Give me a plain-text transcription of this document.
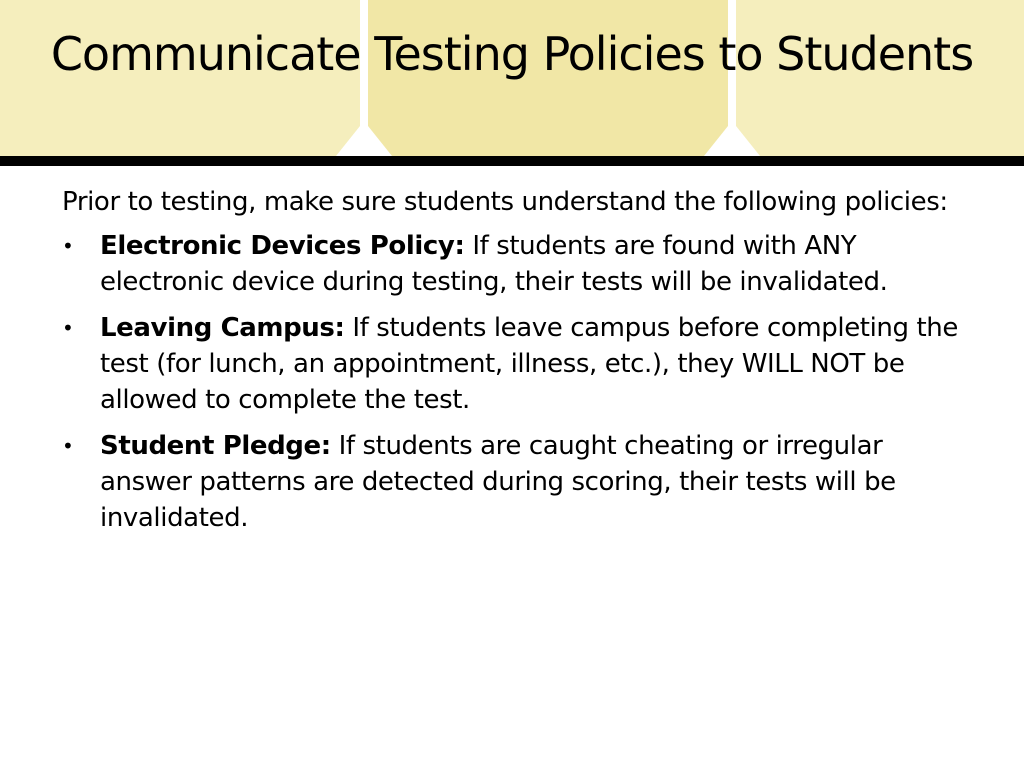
Communicate Testing Policies to Students

Prior to testing, make sure students understand the following policies:

• Electronic Devices Policy: If students are found with ANY electronic device during testing, their tests will be invalidated.
• Leaving Campus: If students leave campus before completing the test (for lunch, an appointment, illness, etc.), they WILL NOT be allowed to complete the test.
• Student Pledge: If students are caught cheating or irregular answer patterns are detected during scoring, their tests will be invalidated.
